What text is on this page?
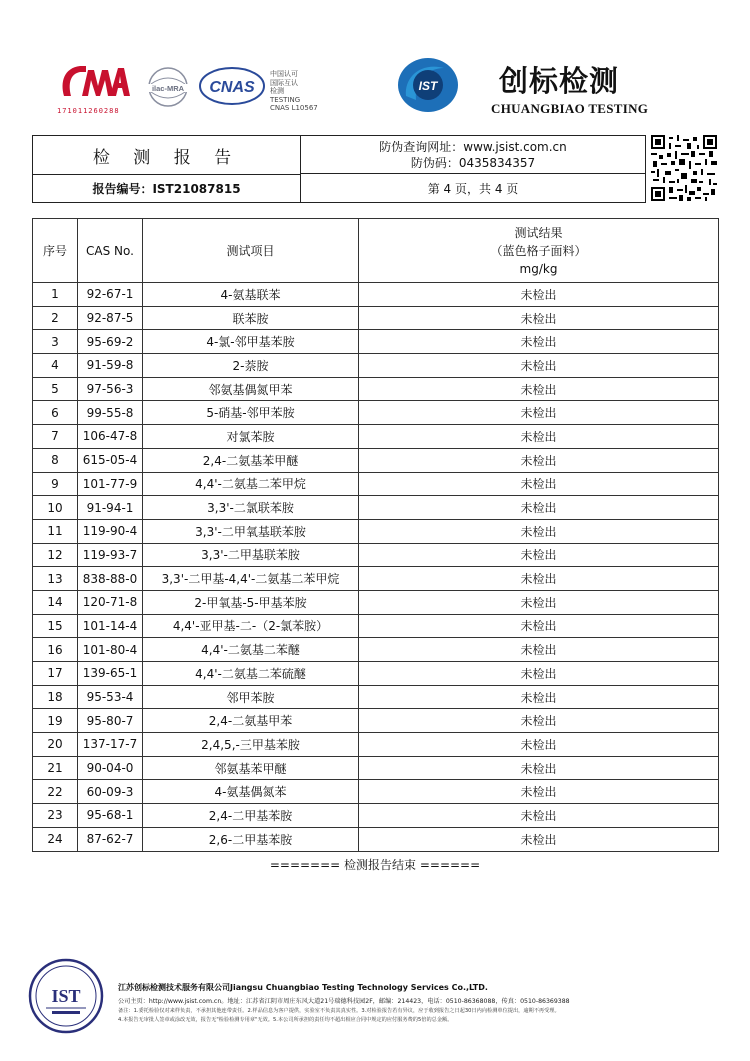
171011260288
ilac-MRA CNAS
中国认可
国际互认
检测
TESTING
CNAS L10567
IST 创标检测
CHUANGBIAO TESTING
检 测 报 告
防伪查询网址：www.jsist.com.cn
防伪码：0435834357
报告编号：IST21087815	第 4 页，共 4 页
序号	CAS No.	测试项目	测试结果
（蓝色格子面料）
mg/kg

1	92-67-1	4-氨基联苯	未检出
2	92-87-5	联苯胺	未检出
3	95-69-2	4-氯-邻甲基苯胺	未检出
4	91-59-8	2-萘胺	未检出
5	97-56-3	邻氨基偶氮甲苯	未检出
6	99-55-8	5-硝基-邻甲苯胺	未检出
7	106-47-8	对氯苯胺	未检出
8	615-05-4	2,4-二氨基苯甲醚	未检出
9	101-77-9	4,4'-二氨基二苯甲烷	未检出
10	91-94-1	3,3'-二氯联苯胺	未检出
11	119-90-4	3,3'-二甲氧基联苯胺	未检出
12	119-93-7	3,3'-二甲基联苯胺	未检出
13	838-88-0	3,3'-二甲基-4,4'-二氨基二苯甲烷	未检出
14	120-71-8	2-甲氧基-5-甲基苯胺	未检出
15	101-14-4	4,4'-亚甲基-二-（2-氯苯胺）	未检出
16	101-80-4	4,4'-二氨基二苯醚	未检出
17	139-65-1	4,4'-二氨基二苯硫醚	未检出
18	95-53-4	邻甲苯胺	未检出
19	95-80-7	2,4-二氨基甲苯	未检出
20	137-17-7	2,4,5,-三甲基苯胺	未检出
21	90-04-0	邻氨基苯甲醚	未检出
22	60-09-3	4-氨基偶氮苯	未检出
23	95-68-1	2,4-二甲基苯胺	未检出
24	87-62-7	2,6-二甲基苯胺	未检出
======= 检测报告结束 ======
IST	江苏创标检测技术服务有限公司Jiangsu Chuangbiao Testing Technology Services Co.,LTD.
公司主页：http://www.jsist.com.cn。地址：江苏省江阴市周庄东风大道21号瑞德科技园2F，邮编：214423，电话：0510-86368088，传真：0510-86369388
备注：1.委托检验仅对来样负责，不承担其他连带责任。2.样品信息为客户提供，实验室不负责其真实性。3.对检验报告若有异议，应于收到报告之日起30日内向检测单位提出，逾期不再受理。
4.本报告无审批人签章或涂改无效，报告无"检验检测专用章"无效。5.本公司所承担的责任均不超出相应合同中规定的应付服务费的5倍的总金额。
